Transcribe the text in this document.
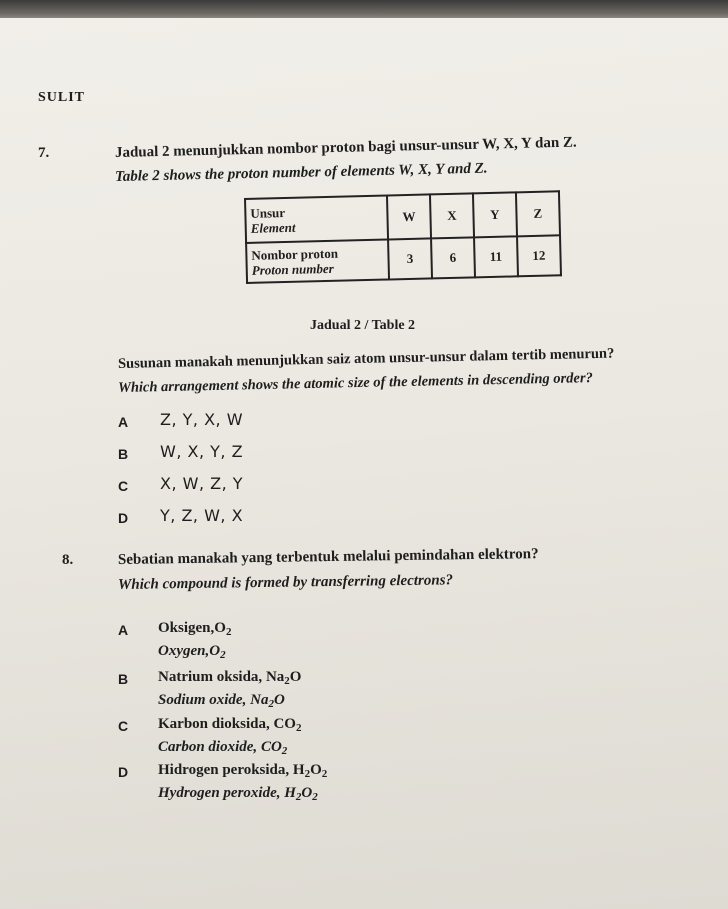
SULIT
7.	Jadual 2 menunjukkan nombor proton bagi unsur-unsur W, X, Y dan Z.
Table 2 shows the proton number of elements W, X, Y and Z.
Unsur
Element	W	X	Y	Z
Nombor proton
Proton number	3	6	11	12
Jadual 2 / Table 2
Susunan manakah menunjukkan saiz atom unsur-unsur dalam tertib menurun?
Which arrangement shows the atomic size of the elements in descending order?
A Z, Y, X, W
B W, X, Y, Z
C X, W, Z, Y
D Y, Z, W, X
8.	Sebatian manakah yang terbentuk melalui pemindahan elektron?
Which compound is formed by transferring electrons?
A $Oksigen,O_2$
$Oxygen,O_2$
B Natrium oksida, $Na_2O$
Sodium oxide, $Na_2O$
C Karbon dioksida, $CO_2$
Carbon dioxide, $CO_2$
D Hidrogen peroksida, $H_2O_2$
Hydrogen peroxide, $H_2O_2$
